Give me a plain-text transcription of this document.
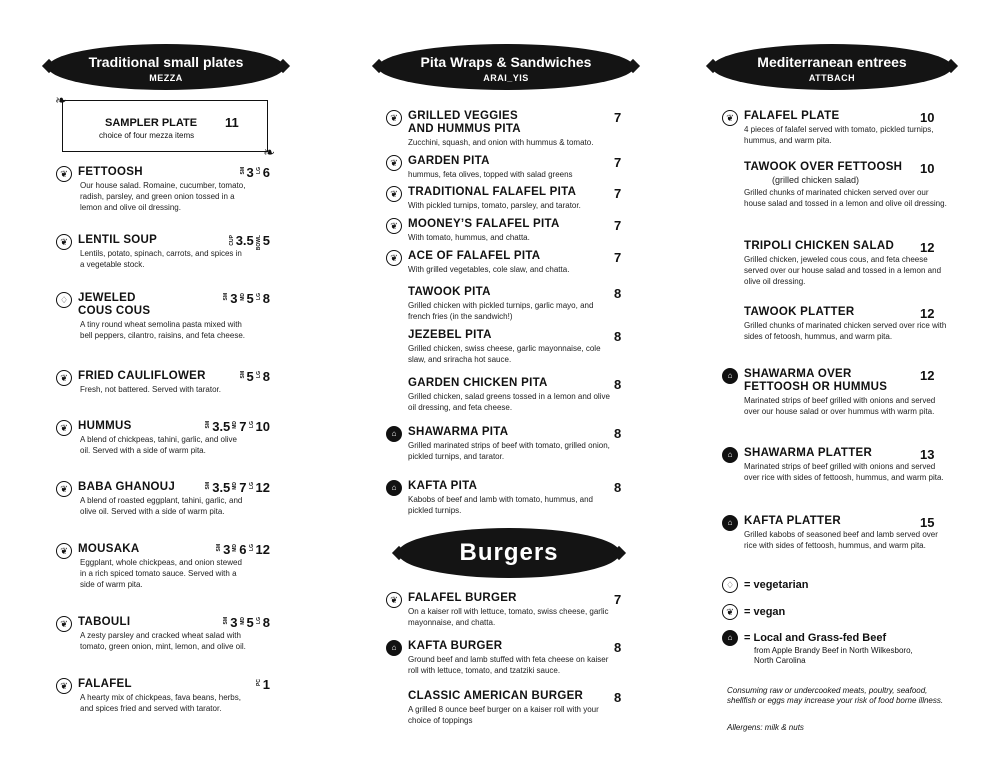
Traditional small plates
MEZZA
❧
❧
SAMPLER PLATE 11
choice of four mezza items
❦ FETTOOSH
Our house salad. Romaine, cucumber, tomato, radish, parsley, and green onion tossed in a lemon and olive oil dressing.
SM 3 LG 6
❦ LENTIL SOUP
Lentils, potato, spinach, carrots, and spices in a vegetable stock.
CUP 3.5 BOWL 5
♢ JEWELED
COUS COUS
A tiny round wheat semolina pasta mixed with bell peppers, cilantro, raisins, and feta cheese.
SM 3 MD 5 LG 8
❦ FRIED CAULIFLOWER
Fresh, not battered. Served with tarator.
SM 5 LG 8
❦ HUMMUS
A blend of chickpeas, tahini, garlic, and olive oil. Served with a side of warm pita.
SM 3.5 MD 7 LG 10
❦ BABA GHANOUJ
A blend of roasted eggplant, tahini, garlic, and olive oil. Served with a side of warm pita.
SM 3.5 MD 7 LG 12
❦ MOUSAKA
Eggplant, whole chickpeas, and onion stewed in a rich spiced tomato sauce. Served with a side of warm pita.
SM 3 MD 6 LG 12
❦ TABOULI
A zesty parsley and cracked wheat salad with tomato, green onion, mint, lemon, and olive oil.
SM 3 MD 5 LG 8
❦ FALAFEL
A hearty mix of chickpeas, fava beans, herbs, and spices fried and served with tarator.
PC 1
Pita Wraps & Sandwiches
ARAI_YIS
❦ GRILLED VEGGIES
AND HUMMUS PITA
Zucchini, squash, and onion with hummus & tomato.
7
❦ GARDEN PITA
hummus, feta olives, topped with salad greens
7
❦ TRADITIONAL FALAFEL PITA
With pickled turnips, tomato, parsley, and tarator.
7
❦ MOONEY’S FALAFEL PITA
With tomato, hummus, and chatta.
7
❦ ACE OF FALAFEL PITA
With grilled vegetables, cole slaw, and chatta.
7
TAWOOK PITA
Grilled chicken with pickled turnips, garlic mayo, and french fries (in the sandwich!)
8
JEZEBEL PITA
Grilled chicken, swiss cheese, garlic mayonnaise, cole slaw, and sriracha hot sauce.
8
GARDEN CHICKEN PITA
Grilled chicken, salad greens tossed in a lemon and olive oil dressing, and feta cheese.
8
⌂	SHAWARMA PITA
Grilled marinated strips of beef with tomato, grilled onion, pickled turnips, and tarator.
8
⌂	KAFTA PITA
Kabobs of beef and lamb with tomato, hummus, and pickled turnips.
8
Burgers
❦ FALAFEL BURGER
On a kaiser roll with lettuce, tomato, swiss cheese, garlic mayonnaise, and chatta.
7
⌂	KAFTA BURGER
Ground beef and lamb stuffed with feta cheese on kaiser roll with lettuce, tomato, and tzatziki sauce.
8
CLASSIC AMERICAN BURGER
A grilled 8 ounce beef burger on a kaiser roll with your choice of toppings
8
Mediterranean entrees
ATTBACH
❦ FALAFEL PLATE
4 pieces of falafel served with tomato, pickled turnips, hummus, and warm pita.
10
TAWOOK OVER FETTOOSH
(grilled chicken salad)
Grilled chunks of marinated chicken served over our house salad and tossed in a lemon and olive oil dressing.
10
TRIPOLI CHICKEN SALAD
Grilled chicken, jeweled cous cous, and feta cheese served over our house salad and tossed in a lemon and olive oil dressing.
12
TAWOOK PLATTER
Grilled chunks of marinated chicken served over rice with sides of fetoosh, hummus, and warm pita.
12
⌂	SHAWARMA OVER
FETTOOSH OR HUMMUS
Marinated strips of beef grilled with onions and served over our house salad or over hummus with warm pita.
12
⌂	SHAWARMA PLATTER
Marinated strips of beef grilled with onions and served over rice with sides of fettoosh, hummus, and warm pita.
13
⌂	KAFTA PLATTER
Grilled kabobs of seasoned beef and lamb served over rice with sides of fettoosh, hummus, and warm pita.
15
♢ = vegetarian
❦ = vegan
⌂	= Local and Grass-fed Beef
from Apple Brandy Beef in North Wilkesboro,
North Carolina
Consuming raw or undercooked meats, poultry, seafood, shellfish or eggs may increase your risk of food borne illness.
Allergens: milk & nuts
